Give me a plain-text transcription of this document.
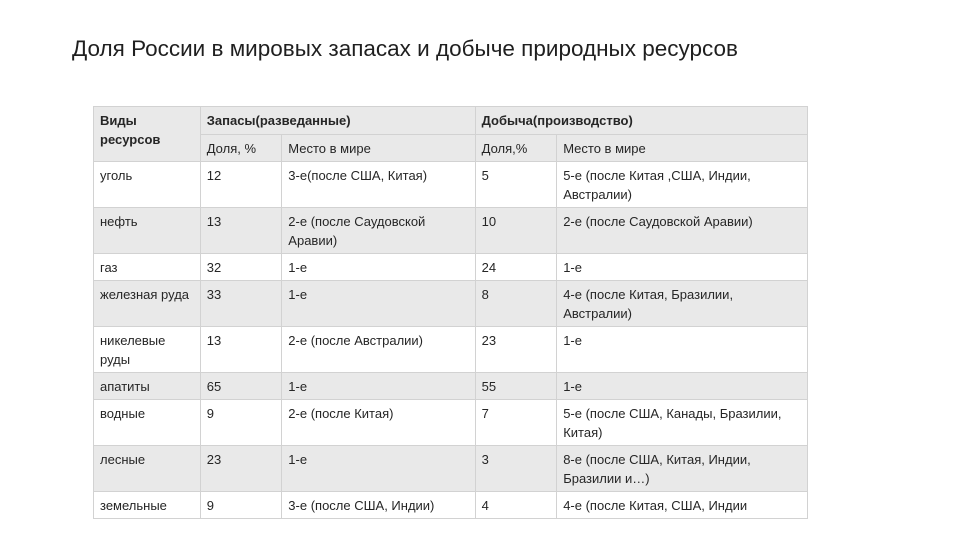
Доля России в мировых запасах и добыче природных ресурсов
Виды ресурсов	Запасы(разведанные)		Добыча(производство)	
	Доля, %	Место в мире	Доля,%	Место в мире
уголь	12	3-е(после США, Китая)	5	5-е (после Китая ,США, Индии, Австралии)
нефть	13	2-е (после Саудовской Аравии)	10	2-е (после Саудовской Аравии)
газ	32	1-е	24	1-е
железная руда	33	1-е	8	4-е (после Китая, Бразилии, Австралии)
никелевые руды	13	2-е (после Австралии)	23	1-е
апатиты	65	1-е	55	1-е
водные	9	2-е (после Китая)	7	5-е (после США, Канады, Бразилии, Китая)
лесные	23	1-е	3	8-е (после США, Китая, Индии, Бразилии и…)
земельные	9	3-е (после США, Индии)	4	4-е (после Китая, США, Индии
